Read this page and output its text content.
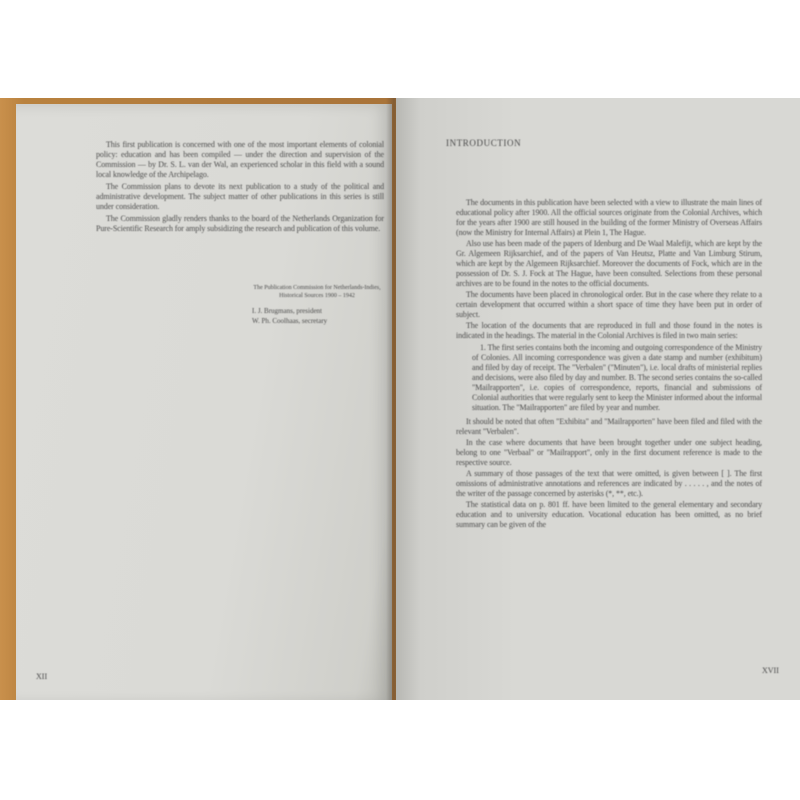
This first publication is concerned with one of the most important elements of colonial policy: education and has been compiled — under the direction and supervision of the Commission — by Dr. S. L. van der Wal, an experienced scholar in this field with a sound local knowledge of the Archipelago.

The Commission plans to devote its next publication to a study of the political and administrative development. The subject matter of other publications in this series is still under consideration.

The Commission gladly renders thanks to the board of the Netherlands Organization for Pure-Scientific Research for amply subsidizing the research and publication of this volume.

The Publication Commission for Netherlands-Indies, Historical Sources 1900 – 1942
I. J. Brugmans, president
W. Ph. Coolhaas, secretary
XII
INTRODUCTION

The documents in this publication have been selected with a view to illustrate the main lines of educational policy after 1900. All the official sources originate from the Colonial Archives, which for the years after 1900 are still housed in the building of the former Ministry of Overseas Affairs (now the Ministry for Internal Affairs) at Plein 1, The Hague.

Also use has been made of the papers of Idenburg and De Waal Malefijt, which are kept by the Gr. Algemeen Rijksarchief, and of the papers of Van Heutsz, Platte and Van Limburg Stirum, which are kept by the Algemeen Rijksarchief. Moreover the documents of Fock, which are in the possession of Dr. S. J. Fock at The Hague, have been consulted. Selections from these personal archives are to be found in the notes to the official documents.

The documents have been placed in chronological order. But in the case where they relate to a certain development that occurred within a short space of time they have been put in order of subject.

The location of the documents that are reproduced in full and those found in the notes is indicated in the headings. The material in the Colonial Archives is filed in two main series:

1. The first series contains both the incoming and outgoing correspondence of the Ministry of Colonies. All incoming correspondence was given a date stamp and number (exhibitum) and filed by day of receipt. The "Verbalen" ("Minuten"), i.e. local drafts of ministerial replies and decisions, were also filed by day and number. B. The second series contains the so-called "Mailrapporten", i.e. copies of correspondence, reports, financial and submissions of Colonial authorities that were regularly sent to keep the Minister informed about the informal situation. The "Mailrapporten" are filed by year and number.

It should be noted that often "Exhibita" and "Mailrapporten" have been filed and filed with the relevant "Verbalen".

In the case where documents that have been brought together under one subject heading, belong to one "Verbaal" or "Mailrapport", only in the first document reference is made to the respective source.

A summary of those passages of the text that were omitted, is given between [ ]. The first omissions of administrative annotations and references are indicated by . . . . . , and the notes of the writer of the passage concerned by asterisks (*, **, etc.).

The statistical data on p. 801 ff. have been limited to the general elementary and secondary education and to university education. Vocational education has been omitted, as no brief summary can be given of the

XVII
